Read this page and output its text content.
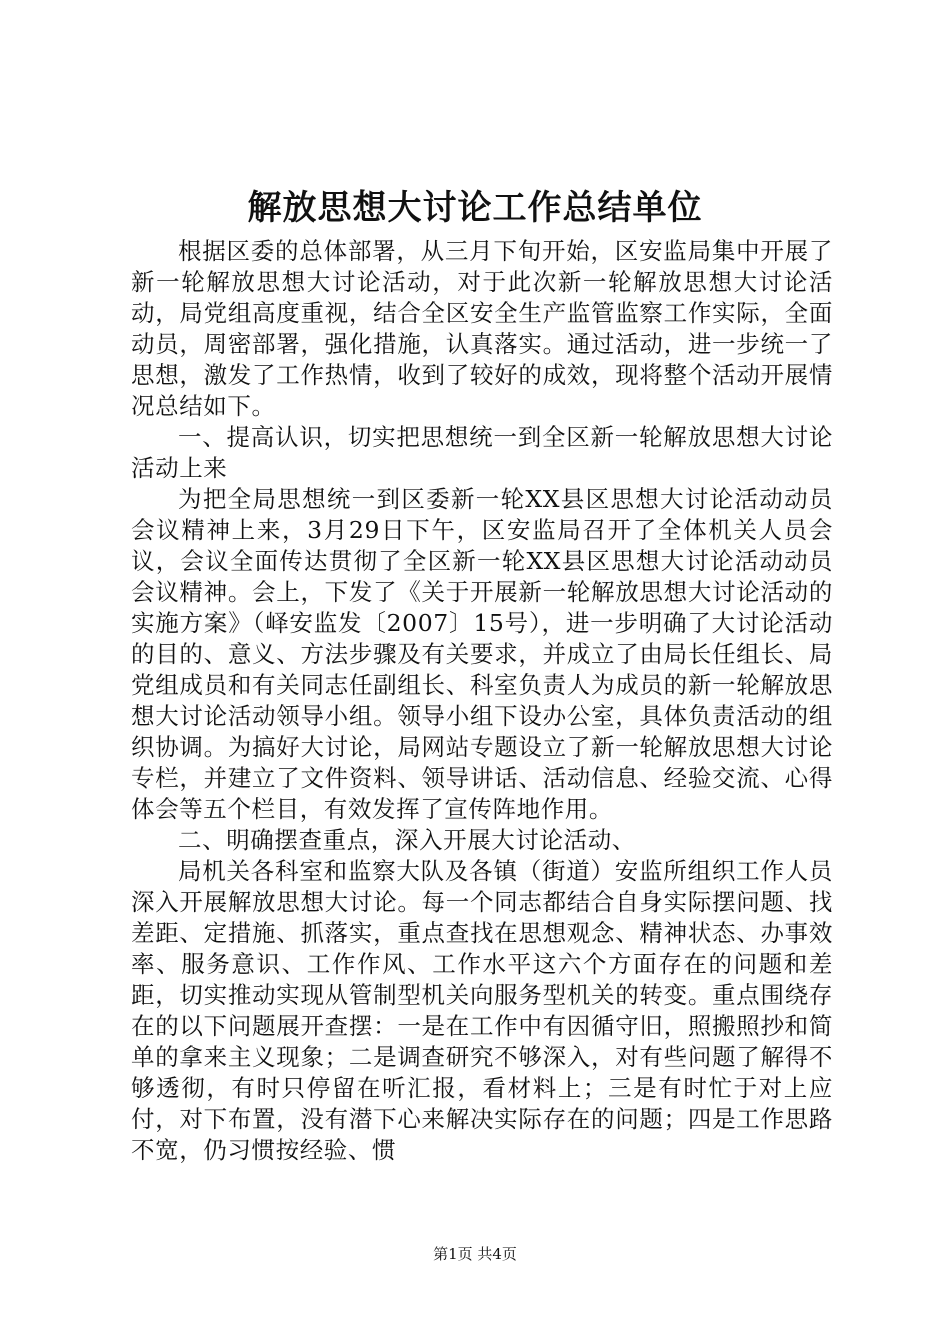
解放思想大讨论工作总结单位

根据区委的总体部署，从三月下旬开始，区安监局集中开展了新一轮解放思想大讨论活动，对于此次新一轮解放思想大讨论活动，局党组高度重视，结合全区安全生产监管监察工作实际，全面动员，周密部署，强化措施，认真落实。通过活动，进一步统一了思想，激发了工作热情，收到了较好的成效，现将整个活动开展情况总结如下。

一、提高认识，切实把思想统一到全区新一轮解放思想大讨论活动上来

为把全局思想统一到区委新一轮XX县区思想大讨论活动动员会议精神上来，3月29日下午，区安监局召开了全体机关人员会议，会议全面传达贯彻了全区新一轮XX县区思想大讨论活动动员会议精神。会上，下发了《关于开展新一轮解放思想大讨论活动的实施方案》（峄安监发〔2007〕15号），进一步明确了大讨论活动的目的、意义、方法步骤及有关要求，并成立了由局长任组长、局党组成员和有关同志任副组长、科室负责人为成员的新一轮解放思想大讨论活动领导小组。领导小组下设办公室，具体负责活动的组织协调。为搞好大讨论，局网站专题设立了新一轮解放思想大讨论专栏，并建立了文件资料、领导讲话、活动信息、经验交流、心得体会等五个栏目，有效发挥了宣传阵地作用。

二、明确摆查重点，深入开展大讨论活动、

局机关各科室和监察大队及各镇（街道）安监所组织工作人员深入开展解放思想大讨论。每一个同志都结合自身实际摆问题、找差距、定措施、抓落实，重点查找在思想观念、精神状态、办事效率、服务意识、工作作风、工作水平这六个方面存在的问题和差距，切实推动实现从管制型机关向服务型机关的转变。重点围绕存在的以下问题展开查摆：一是在工作中有因循守旧，照搬照抄和简单的拿来主义现象；二是调查研究不够深入，对有些问题了解得不够透彻，有时只停留在听汇报，看材料上；三是有时忙于对上应付，对下布置，没有潜下心来解决实际存在的问题；四是工作思路不宽，仍习惯按经验、惯

第1页 共4页
